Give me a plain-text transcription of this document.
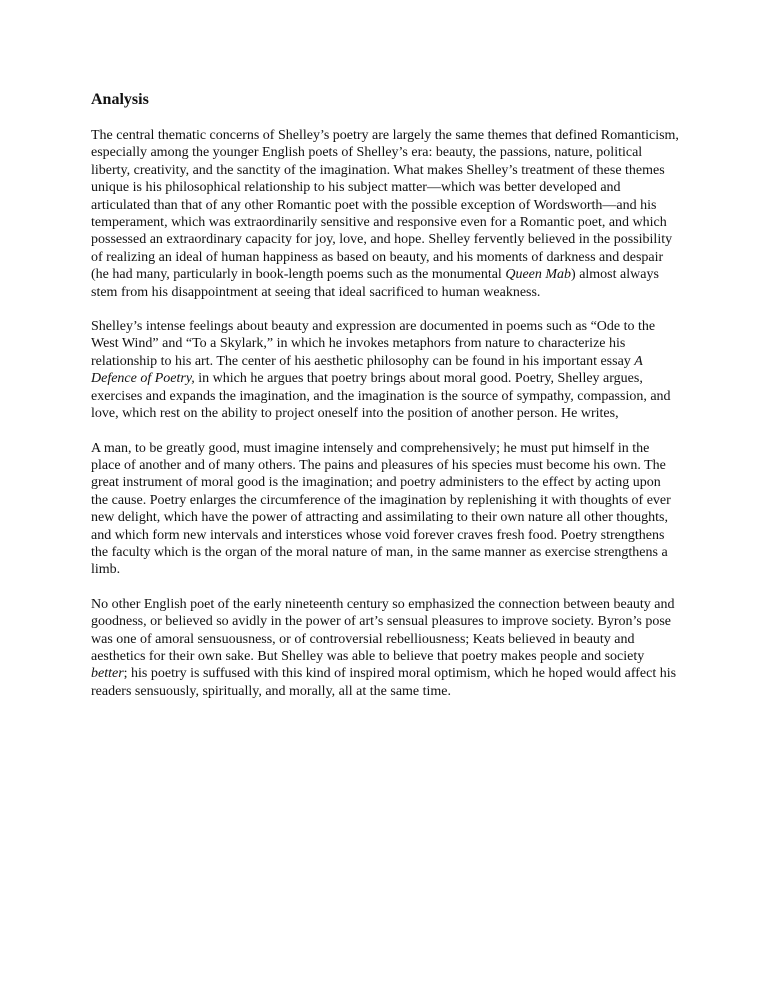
Analysis

The central thematic concerns of Shelley’s poetry are largely the same themes that defined Romanticism, especially among the younger English poets of Shelley’s era: beauty, the passions, nature, political liberty, creativity, and the sanctity of the imagination. What makes Shelley’s treatment of these themes unique is his philosophical relationship to his subject matter—which was better developed and articulated than that of any other Romantic poet with the possible exception of Wordsworth—and his temperament, which was extraordinarily sensitive and responsive even for a Romantic poet, and which possessed an extraordinary capacity for joy, love, and hope. Shelley fervently believed in the possibility of realizing an ideal of human happiness as based on beauty, and his moments of darkness and despair (he had many, particularly in book-length poems such as the monumental Queen Mab) almost always stem from his disappointment at seeing that ideal sacrificed to human weakness.

Shelley’s intense feelings about beauty and expression are documented in poems such as “Ode to the West Wind” and “To a Skylark,” in which he invokes metaphors from nature to characterize his relationship to his art. The center of his aesthetic philosophy can be found in his important essay A Defence of Poetry, in which he argues that poetry brings about moral good. Poetry, Shelley argues, exercises and expands the imagination, and the imagination is the source of sympathy, compassion, and love, which rest on the ability to project oneself into the position of another person. He writes,

A man, to be greatly good, must imagine intensely and comprehensively; he must put himself in the place of another and of many others. The pains and pleasures of his species must become his own. The great instrument of moral good is the imagination; and poetry administers to the effect by acting upon the cause. Poetry enlarges the circumference of the imagination by replenishing it with thoughts of ever new delight, which have the power of attracting and assimilating to their own nature all other thoughts, and which form new intervals and interstices whose void forever craves fresh food. Poetry strengthens the faculty which is the organ of the moral nature of man, in the same manner as exercise strengthens a limb.

No other English poet of the early nineteenth century so emphasized the connection between beauty and goodness, or believed so avidly in the power of art’s sensual pleasures to improve society. Byron’s pose was one of amoral sensuousness, or of controversial rebelliousness; Keats believed in beauty and aesthetics for their own sake. But Shelley was able to believe that poetry makes people and society better; his poetry is suffused with this kind of inspired moral optimism, which he hoped would affect his readers sensuously, spiritually, and morally, all at the same time.
